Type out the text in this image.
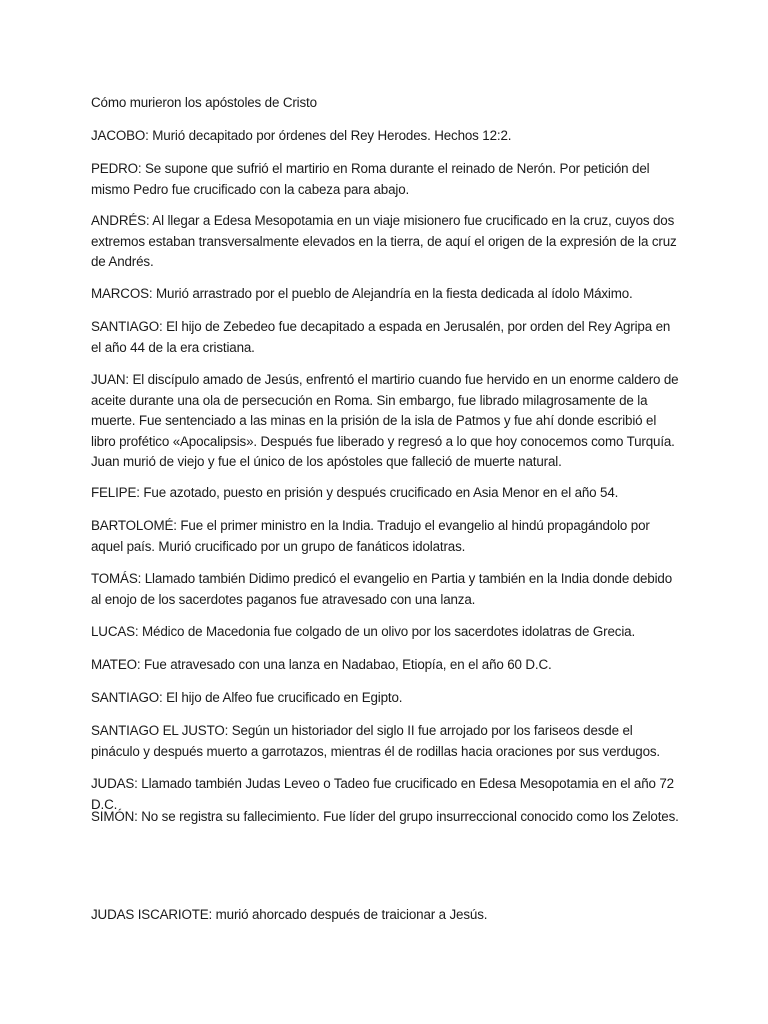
Cómo murieron los apóstoles de Cristo

JACOBO: Murió decapitado por órdenes del Rey Herodes. Hechos 12:2.

PEDRO: Se supone que sufrió el martirio en Roma durante el reinado de Nerón. Por petición del mismo Pedro fue crucificado con la cabeza para abajo.

ANDRÉS: Al llegar a Edesa Mesopotamia en un viaje misionero fue crucificado en la cruz, cuyos dos extremos estaban transversalmente elevados en la tierra, de aquí el origen de la expresión de la cruz de Andrés.

MARCOS: Murió arrastrado por el pueblo de Alejandría en la fiesta dedicada al ídolo Máximo.

SANTIAGO: El hijo de Zebedeo fue decapitado a espada en Jerusalén, por orden del Rey Agripa en el año 44 de la era cristiana.

JUAN: El discípulo amado de Jesús, enfrentó el martirio cuando fue hervido en un enorme caldero de aceite durante una ola de persecución en Roma. Sin embargo, fue librado milagrosamente de la muerte. Fue sentenciado a las minas en la prisión de la isla de Patmos y fue ahí donde escribió el libro profético «Apocalipsis». Después fue liberado y regresó a lo que hoy conocemos como Turquía. Juan murió de viejo y fue el único de los apóstoles que falleció de muerte natural.

FELIPE: Fue azotado, puesto en prisión y después crucificado en Asia Menor en el año 54.

BARTOLOMÉ: Fue el primer ministro en la India. Tradujo el evangelio al hindú propagándolo por aquel país. Murió crucificado por un grupo de fanáticos idolatras.

TOMÁS: Llamado también Didimo predicó el evangelio en Partia y también en la India donde debido al enojo de los sacerdotes paganos fue atravesado con una lanza.

LUCAS: Médico de Macedonia fue colgado de un olivo por los sacerdotes idolatras de Grecia.

MATEO: Fue atravesado con una lanza en Nadabao, Etiopía, en el año 60 D.C.

SANTIAGO: El hijo de Alfeo fue crucificado en Egipto.

SANTIAGO EL JUSTO: Según un historiador del siglo II fue arrojado por los fariseos desde el pináculo y después muerto a garrotazos, mientras él de rodillas hacia oraciones por sus verdugos.

JUDAS: Llamado también Judas Leveo o Tadeo fue crucificado en Edesa Mesopotamia en el año 72 D.C.

SIMÓN: No se registra su fallecimiento. Fue líder del grupo insurreccional conocido como los Zelotes.

JUDAS ISCARIOTE: murió ahorcado después de traicionar a Jesús.
